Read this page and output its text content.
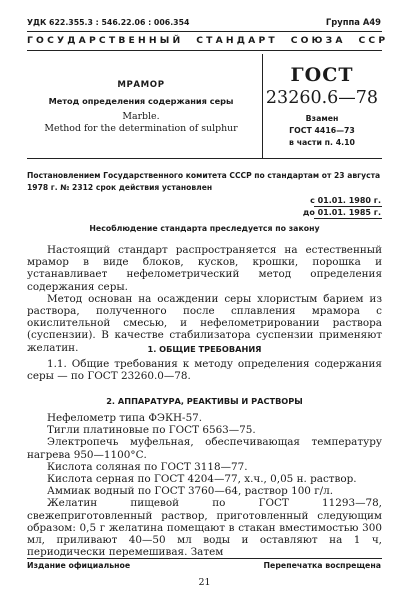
УДК 622.355.3 : 546.22.06 : 006.354	Группа А49
ГОСУДАРСТВЕННЫЙ  СТАНДАРТ  СОЮЗА  ССР
МРАМОР
Метод определения содержания серы
Marble.
Method for the determination of sulphur
ГОСТ
23260.6—78
Взамен
ГОСТ 4416—73
в части п. 4.10
Постановлением Государственного комитета СССР по стандартам от 23 августа
1978 г. № 2312 срок действия установлен
с 01.01. 1980 г.
до 01.01. 1985 г.
Несоблюдение стандарта преследуется по закону

Настоящий стандарт распространяется на естественный мрамор в виде блоков, кусков, крошки, порошка и устанавливает нефелометрический метод определения содержания серы.

Метод основан на осаждении серы хлористым барием из раствора, полученного после сплавления мрамора с окислительной смесью, и нефелометрировании раствора (суспензии). В качестве стабилизатора суспензии применяют желатин.	1. ОБЩИЕ ТРЕБОВАНИЯ

1.1. Общие требования к методу определения содержания серы — по ГОСТ 23260.0—78.

2. АППАРАТУРА, РЕАКТИВЫ И РАСТВОРЫ

Нефелометр типа ФЭКН-57.

Тигли платиновые по ГОСТ 6563—75.

Электропечь муфельная, обеспечивающая температуру нагрева 950—1100°С.

Кислота соляная по ГОСТ 3118—77.

Кислота серная по ГОСТ 4204—77, х.ч., 0,05 н. раствор.

Аммиак водный по ГОСТ 3760—64, раствор 100 г/л.

Желатин пищевой по ГОСТ 11293—78, свежеприготовленный раствор, приготовленный следующим образом: 0,5 г желатина помещают в стакан вместимостью 300 мл, приливают 40—50 мл воды и оставляют на 1 ч, периодически перемешивая. Затем

Издание официальное	Перепечатка воспрещена
21
